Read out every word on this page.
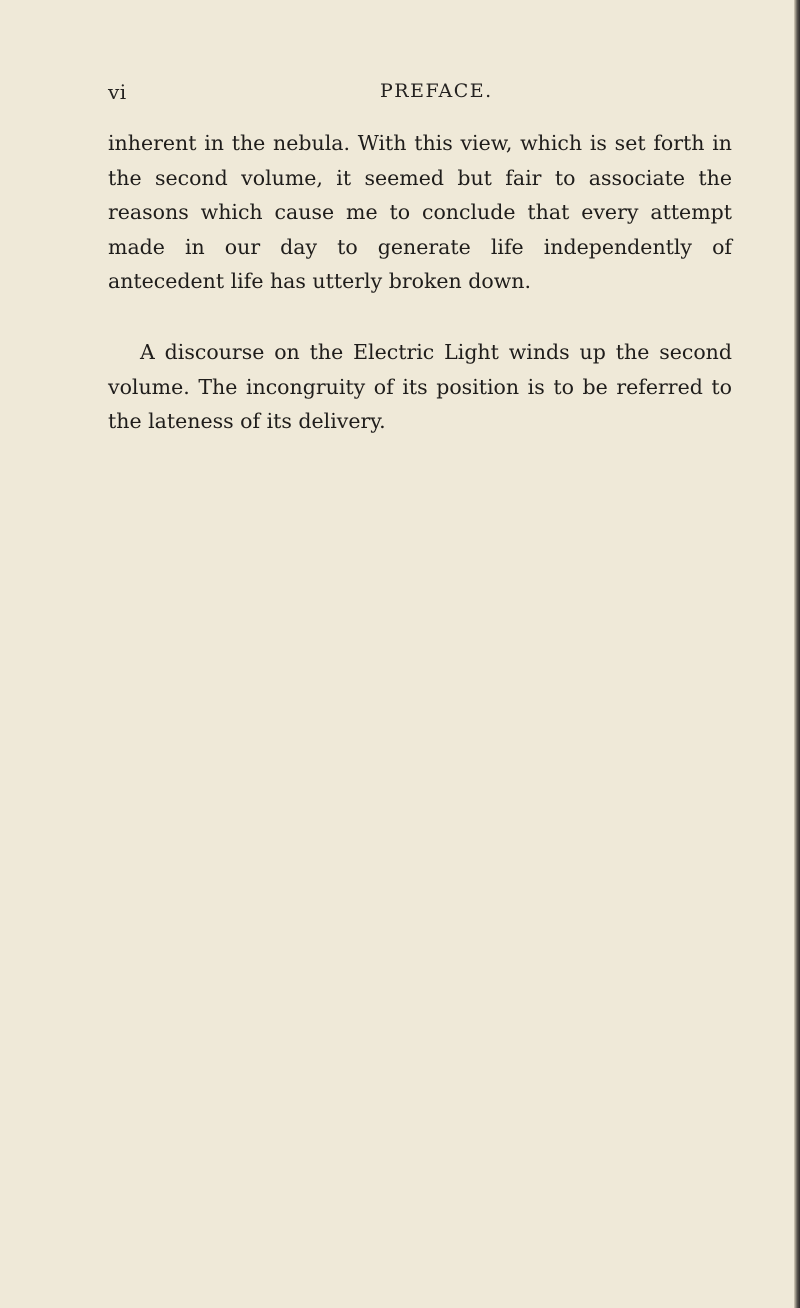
vi	PREFACE.

inherent in the nebula. With this view, which is set forth in the second volume, it seemed but fair to associate the reasons which cause me to conclude that every attempt made in our day to generate life independently of antecedent life has utterly broken down.

A discourse on the Electric Light winds up the second volume. The incongruity of its position is to be referred to the lateness of its delivery.
